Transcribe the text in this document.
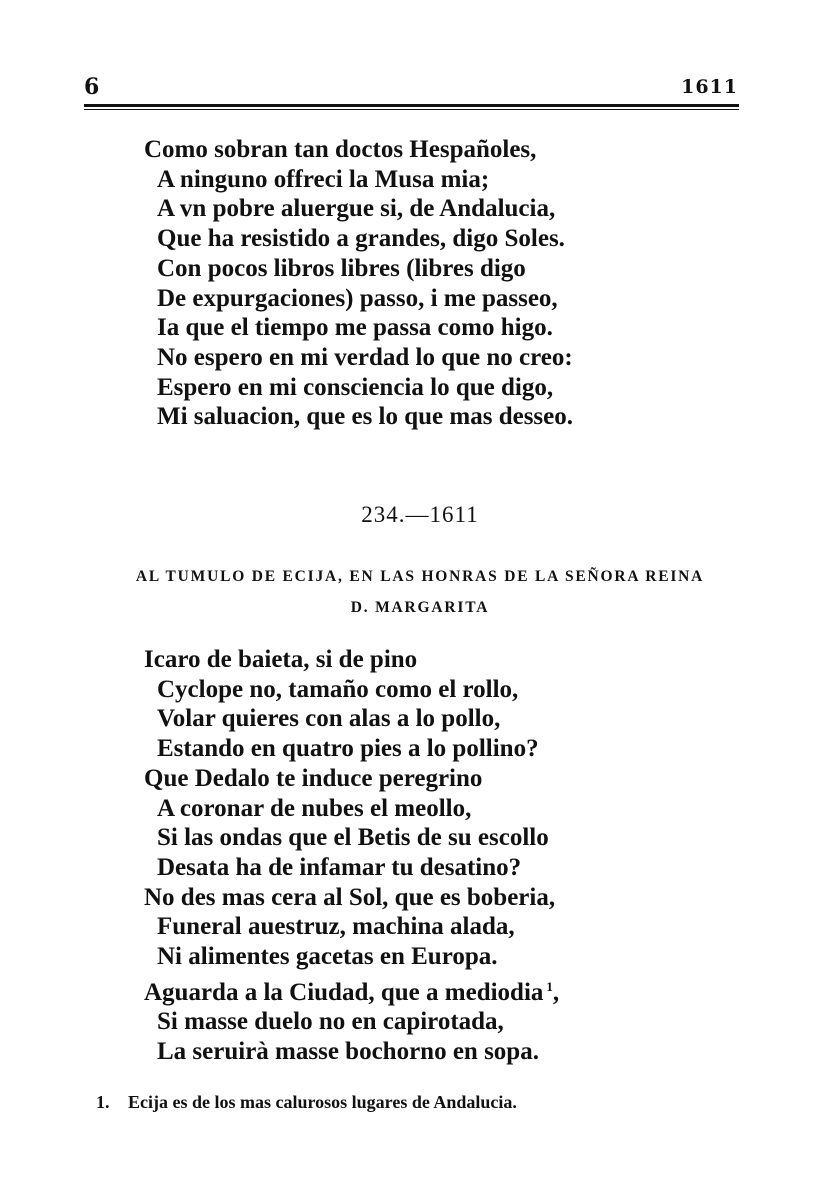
6	1611
Como sobran tan doctos Hespañoles,
A ninguno offreci la Musa mia;
A vn pobre aluergue si, de Andalucia,
Que ha resistido a grandes, digo Soles.
Con pocos libros libres (libres digo
De expurgaciones) passo, i me passeo,
Ia que el tiempo me passa como higo.
No espero en mi verdad lo que no creo:
Espero en mi consciencia lo que digo,
Mi saluacion, que es lo que mas desseo.
234.—1611
AL TUMULO DE ECIJA, EN LAS HONRAS DE LA SEÑORA REINA
D. MARGARITA
Icaro de baieta, si de pino
Cyclope no, tamaño como el rollo,
Volar quieres con alas a lo pollo,
Estando en quatro pies a lo pollino?
Que Dedalo te induce peregrino
A coronar de nubes el meollo,
Si las ondas que el Betis de su escollo
Desata ha de infamar tu desatino?
No des mas cera al Sol, que es boberia,
Funeral auestruz, machina alada,
Ni alimentes gacetas en Europa.
Aguarda a la Ciudad, que a mediodia $^1$,
Si masse duelo no en capirotada,
La seruirà masse bochorno en sopa.
1. Ecija es de los mas calurosos lugares de Andalucia.
